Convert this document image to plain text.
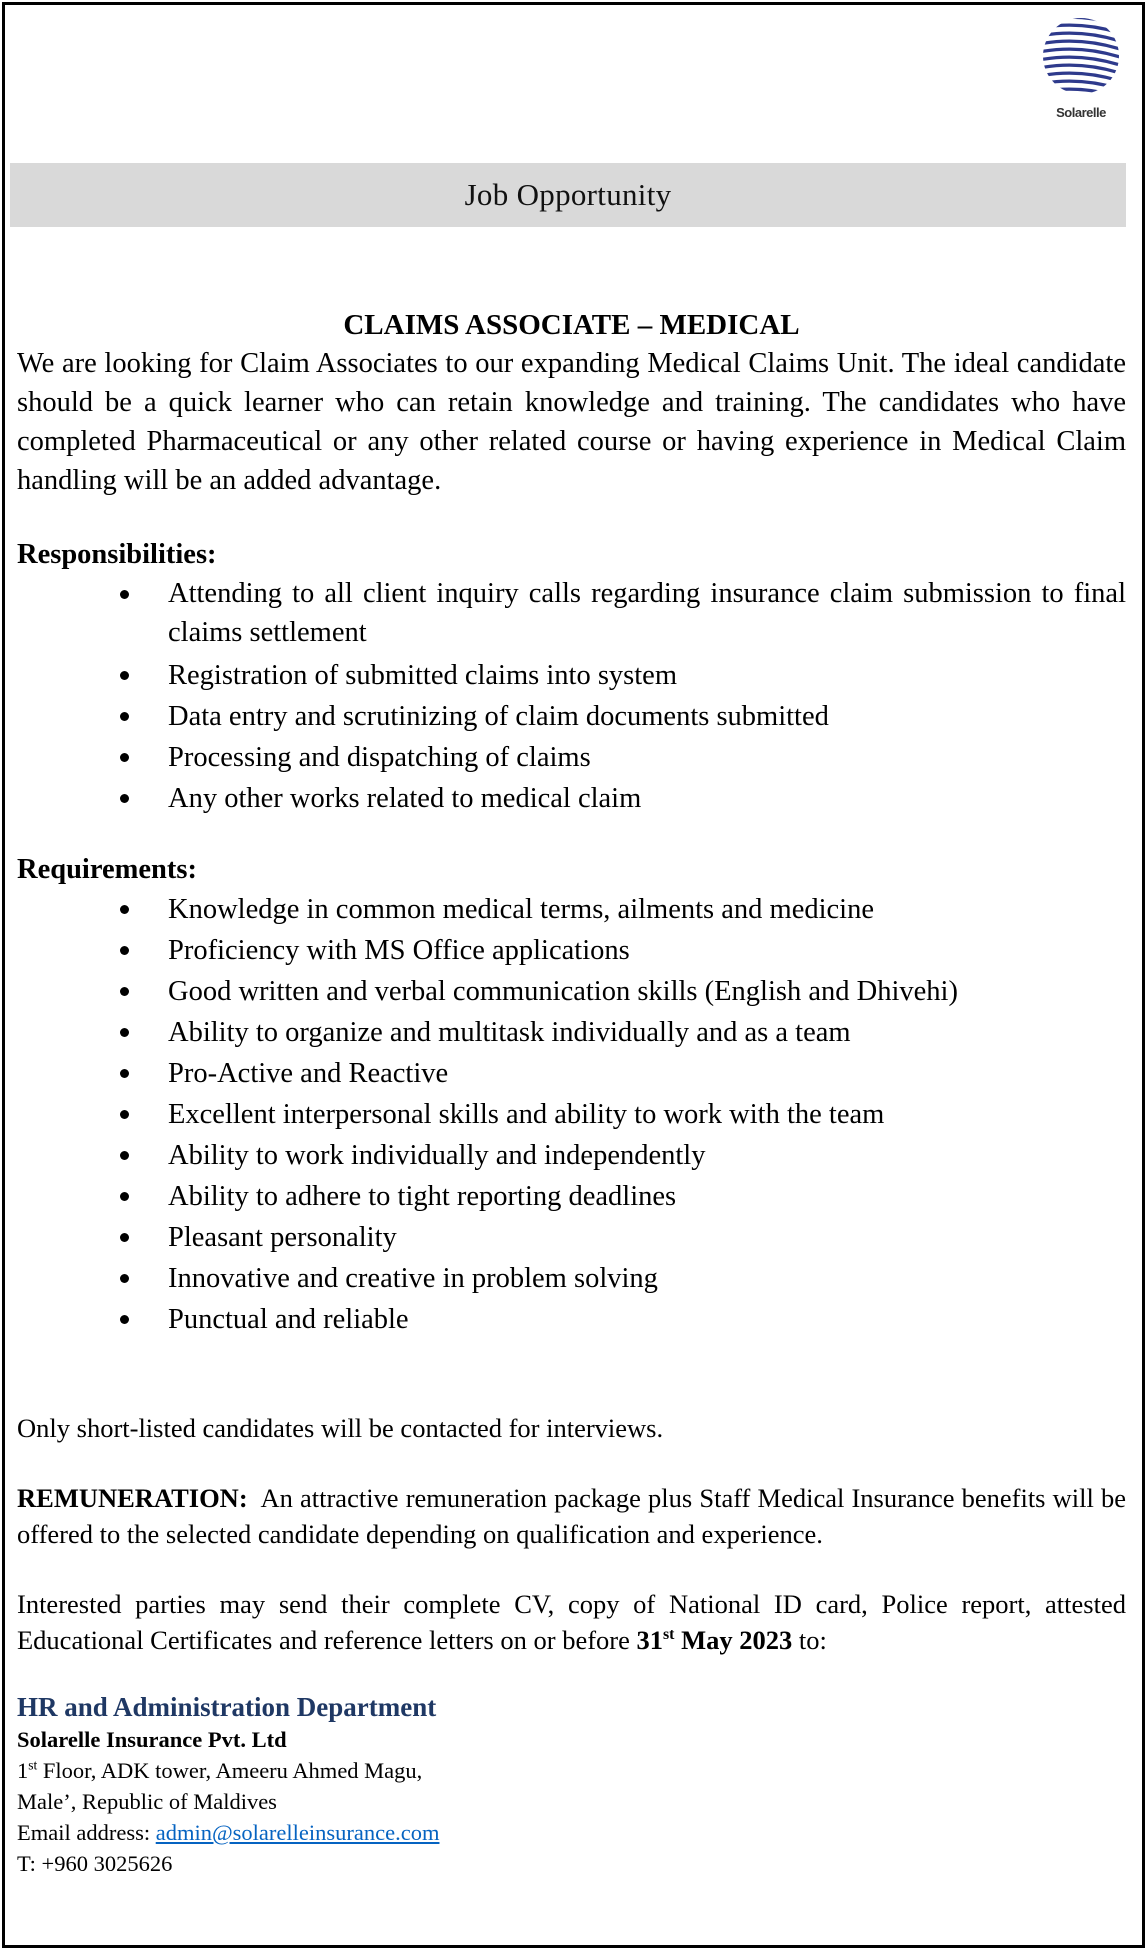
Solarelle
Job Opportunity
CLAIMS ASSOCIATE – MEDICAL

We are looking for Claim Associates to our expanding Medical Claims Unit. The ideal candidate should be a quick learner who can retain knowledge and training. The candidates who have completed Pharmaceutical or any other related course or having experience in Medical Claim handling will be an added advantage.

Responsibilities:
Attending to all client inquiry calls regarding insurance claim submission to final claims settlement
Registration of submitted claims into system
Data entry and scrutinizing of claim documents submitted
Processing and dispatching of claims
Any other works related to medical claim
Requirements:
Knowledge in common medical terms, ailments and medicine
Proficiency with MS Office applications
Good written and verbal communication skills (English and Dhivehi)
Ability to organize and multitask individually and as a team
Pro-Active and Reactive
Excellent interpersonal skills and ability to work with the team
Ability to work individually and independently
Ability to adhere to tight reporting deadlines
Pleasant personality
Innovative and creative in problem solving
Punctual and reliable

Only short-listed candidates will be contacted for interviews.

REMUNERATION: An attractive remuneration package plus Staff Medical Insurance benefits will be offered to the selected candidate depending on qualification and experience.

Interested parties may send their complete CV, copy of National ID card, Police report, attested Educational Certificates and reference letters on or before 31st May 2023 to:

HR and Administration Department

Solarelle Insurance Pvt. Ltd

1st Floor, ADK tower, Ameeru Ahmed Magu,

Male’, Republic of Maldives

Email address: admin@solarelleinsurance.com

T: +960 3025626
